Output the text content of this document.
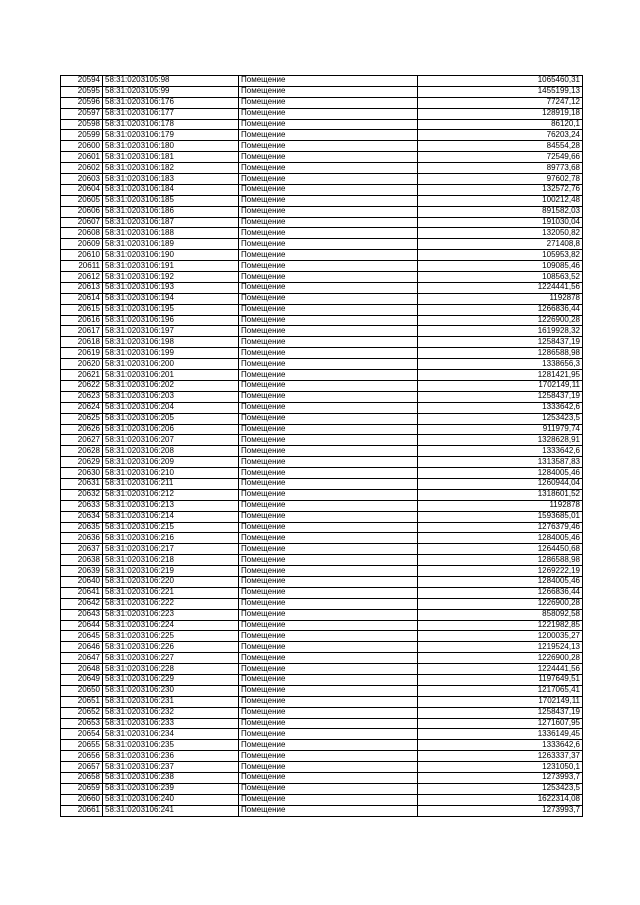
20594	58:31:0203105:98	Помещение	1065460,31
20595	58:31:0203105:99	Помещение	1455199,13
20596	58:31:0203106:176	Помещение	77247,12
20597	58:31:0203106:177	Помещение	128919,18
20598	58:31:0203106:178	Помещение	86120,1
20599	58:31:0203106:179	Помещение	76203,24
20600	58:31:0203106:180	Помещение	84554,28
20601	58:31:0203106:181	Помещение	72549,66
20602	58:31:0203106:182	Помещение	89773,68
20603	58:31:0203106:183	Помещение	97602,78
20604	58:31:0203106:184	Помещение	132572,76
20605	58:31:0203106:185	Помещение	100212,48
20606	58:31:0203106:186	Помещение	891582,03
20607	58:31:0203106:187	Помещение	191030,04
20608	58:31:0203106:188	Помещение	132050,82
20609	58:31:0203106:189	Помещение	271408,8
20610	58:31:0203106:190	Помещение	105953,82
20611	58:31:0203106:191	Помещение	109085,46
20612	58:31:0203106:192	Помещение	108563,52
20613	58:31:0203106:193	Помещение	1224441,56
20614	58:31:0203106:194	Помещение	1192878
20615	58:31:0203106:195	Помещение	1266836,44
20616	58:31:0203106:196	Помещение	1226900,28
20617	58:31:0203106:197	Помещение	1619928,32
20618	58:31:0203106:198	Помещение	1258437,19
20619	58:31:0203106:199	Помещение	1286588,98
20620	58:31:0203106:200	Помещение	1338656,3
20621	58:31:0203106:201	Помещение	1281421,95
20622	58:31:0203106:202	Помещение	1702149,11
20623	58:31:0203106:203	Помещение	1258437,19
20624	58:31:0203106:204	Помещение	1333642,6
20625	58:31:0203106:205	Помещение	1253423,5
20626	58:31:0203106:206	Помещение	911979,74
20627	58:31:0203106:207	Помещение	1328628,91
20628	58:31:0203106:208	Помещение	1333642,6
20629	58:31:0203106:209	Помещение	1313587,83
20630	58:31:0203106:210	Помещение	1284005,46
20631	58:31:0203106:211	Помещение	1260944,04
20632	58:31:0203106:212	Помещение	1318601,52
20633	58:31:0203106:213	Помещение	1192878
20634	58:31:0203106:214	Помещение	1593685,01
20635	58:31:0203106:215	Помещение	1276379,46
20636	58:31:0203106:216	Помещение	1284005,46
20637	58:31:0203106:217	Помещение	1264450,68
20638	58:31:0203106:218	Помещение	1286588,98
20639	58:31:0203106:219	Помещение	1269222,19
20640	58:31:0203106:220	Помещение	1284005,46
20641	58:31:0203106:221	Помещение	1266836,44
20642	58:31:0203106:222	Помещение	1226900,28
20643	58:31:0203106:223	Помещение	858092,58
20644	58:31:0203106:224	Помещение	1221982,85
20645	58:31:0203106:225	Помещение	1200035,27
20646	58:31:0203106:226	Помещение	1219524,13
20647	58:31:0203106:227	Помещение	1226900,28
20648	58:31:0203106:228	Помещение	1224441,56
20649	58:31:0203106:229	Помещение	1197649,51
20650	58:31:0203106:230	Помещение	1217065,41
20651	58:31:0203106:231	Помещение	1702149,11
20652	58:31:0203106:232	Помещение	1258437,19
20653	58:31:0203106:233	Помещение	1271607,95
20654	58:31:0203106:234	Помещение	1336149,45
20655	58:31:0203106:235	Помещение	1333642,6
20656	58:31:0203106:236	Помещение	1263337,37
20657	58:31:0203106:237	Помещение	1231050,1
20658	58:31:0203106:238	Помещение	1273993,7
20659	58:31:0203106:239	Помещение	1253423,5
20660	58:31:0203106:240	Помещение	1622314,08
20661	58:31:0203106:241	Помещение	1273993,7
